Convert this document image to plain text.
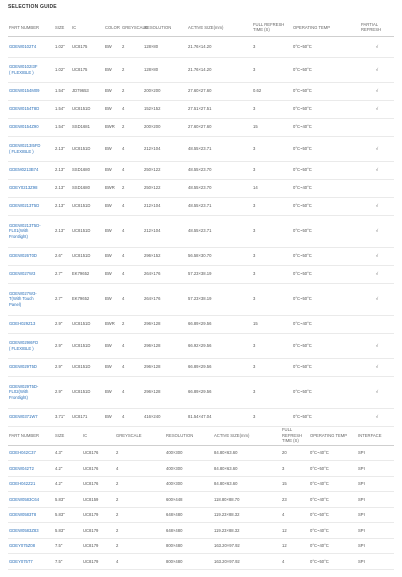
SELECTION GUIDE
PART NUMBER	SIZE	IC	COLOR	GREYSCALE	RESOLUTION	ACTIVE SIZE(mm)	FULL REFRESH TIME (S)	OPERATING TEMP	PARTIAL REFRESH

GDEW0102T4	1.02"	UC8175	BW	2	128×80	21.76×14.20	3	0°C~50°C	√

GDEW0102I3F
( FLEXIBLE )	1.02"	UC8175	BW	2	128×80	21.76×14.20	3	0°C~50°C	√

GDEW0154M09	1.54"	JD79653	BW	2	200×200	27.60×27.60	0.62	0°C~50°C	√

GDEW0154T8D	1.54"	UC8151D	BW	4	152×152	27.51×27.51	3	0°C~50°C	√

GDEW0154Z90	1.54"	SSD1681	BWR	2	200×200	27.60×27.60	15	0°C~40°C	

GDEW0213I5FD
( FLEXIBLE )	2.13"	UC8151D	BW	4	212×104	48.55×23.71	3	0°C~50°C	√

GDEM0213B74	2.13"	SSD1680	BW	4	250×122	48.55×23.70	3	0°C~50°C	√

GDEY0213Z98	2.13"	SSD1680	BWR	2	250×122	48.55×23.70	14	0°C~40°C	

GDEW0213T5D	2.13"	UC8151D	BW	4	212×104	48.55×23.71	3	0°C~50°C	√

GDEW0213T5D-
FL01(With
Frontlight)	2.13"	UC8151D	BW	4	212×104	48.55×23.71	3	0°C~50°C	√

GDEW026T0D	2.6"	UC8151D	BW	4	296×152	56.58×30.70	3	0°C~50°C	√

GDEW027W3	2.7"	EK79652	BW	4	264×176	57.23×38.19	3	0°C~50°C	√

GDEW027W3-
T(With Touch
Panel)	2.7"	EK79652	BW	4	264×176	57.23×38.19	3	0°C~50°C	√

GDEH029Z13	2.9"	UC8151D	BWR	2	296×128	66.89×29.56	15	0°C~40°C	

GDEW029I6FD
( FLEXIBLE )	2.9"	UC8151D	BW	4	296×128	66.92×29.56	3	0°C~50°C	√

GDEW029T5D	2.9"	UC8151D	BW	4	296×128	66.89×29.56	3	0°C~50°C	√

GDEW029T5D-
FL02(With
Frontlight)	2.9"	UC8151D	BW	4	296×128	66.89×29.56	3	0°C~50°C	√

GDEW0371W7	3.71"	UC8171	BW	4	416×240	81.54×47.04	3	0°C~50°C	√
PART NUMBER	SIZE	IC	GREYSCALE	RESOLUTION	ACTIVE SIZE(mm)	FULL REFRESH TIME (S)	OPERATING TEMP	INTERFACE
GDEH042C37	4.3"	UC8176	2	400×300	84.80×63.60	20	0°C~40°C	SPI
GDEW042T2	4.2"	UC8176	4	400×300	84.80×63.60	3	0°C~50°C	SPI
GDEH042Z21	4.2"	UC8176	2	400×300	84.80×63.60	15	0°C~40°C	SPI
GDEW0583C64	5.83"	UC8159	2	600×448	118.80×88.70	23	0°C~40°C	SPI
GDEW0583T8	5.83"	UC8179	2	648×480	119.23×88.32	4	0°C~50°C	SPI
GDEW0583Z83	5.83"	UC8179	2	648×480	119.23×88.32	12	0°C~40°C	SPI
GDEY075Z08	7.5"	UC8179	2	800×480	163.20×97.92	12	0°C~40°C	SPI
GDEY075T7	7.5"	UC8179	4	800×480	163.20×97.92	4	0°C~50°C	SPI
